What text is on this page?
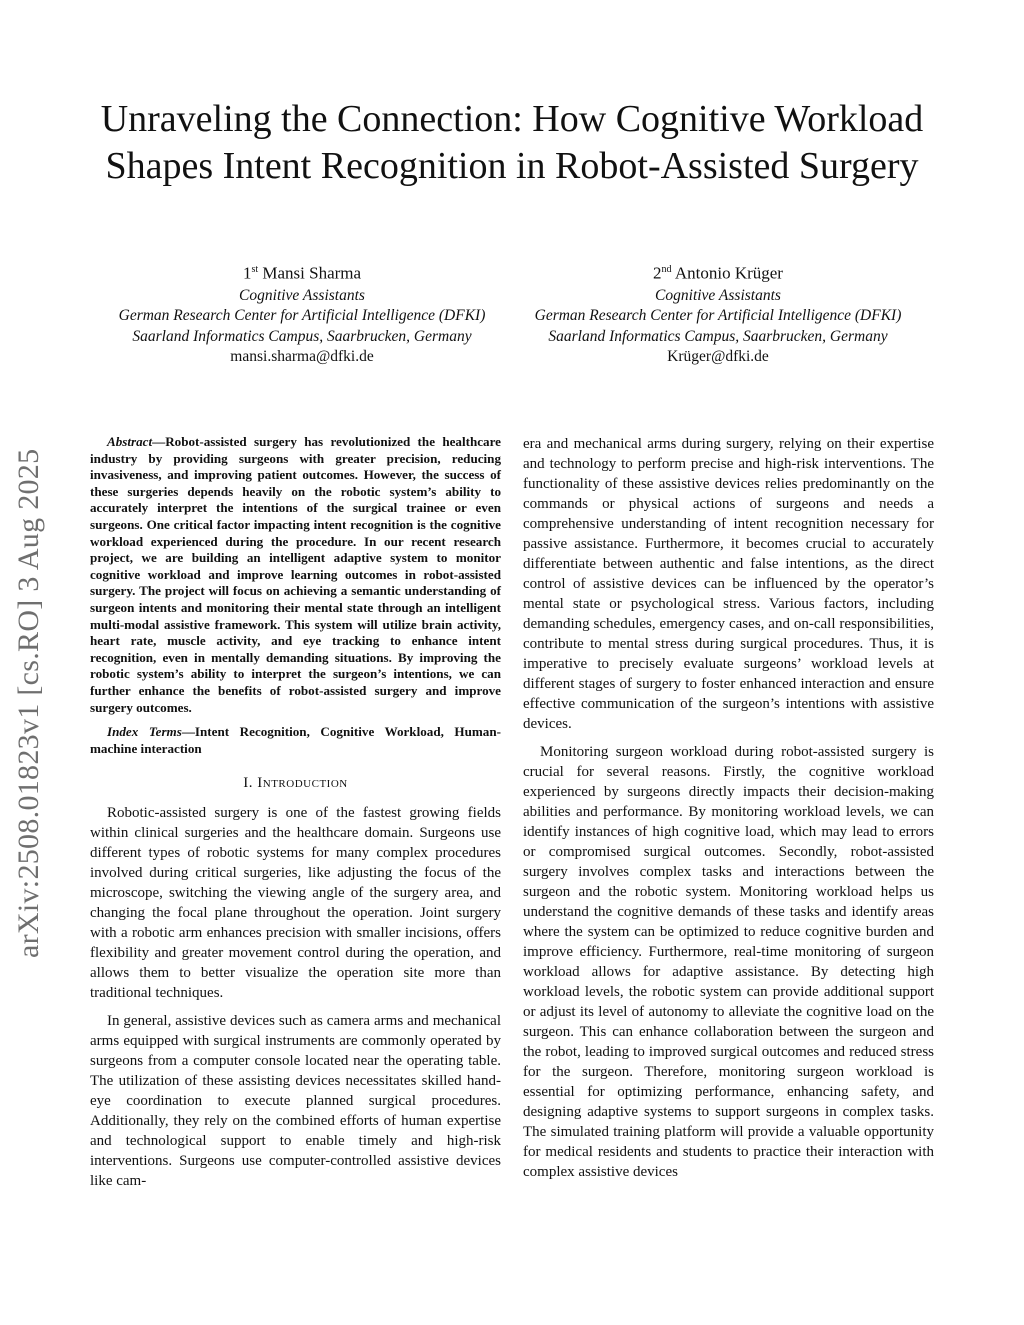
arXiv:2508.01823v1 [cs.RO] 3 Aug 2025
Unraveling the Connection: How Cognitive Workload Shapes Intent Recognition in Robot-Assisted Surgery
1st Mansi Sharma
Cognitive Assistants
German Research Center for Artificial Intelligence (DFKI)
Saarland Informatics Campus, Saarbrucken, Germany
mansi.sharma@dfki.de
2nd Antonio Krüger
Cognitive Assistants
German Research Center for Artificial Intelligence (DFKI)
Saarland Informatics Campus, Saarbrucken, Germany
Krüger@dfki.de

Abstract—Robot-assisted surgery has revolutionized the healthcare industry by providing surgeons with greater precision, reducing invasiveness, and improving patient outcomes. However, the success of these surgeries depends heavily on the robotic system’s ability to accurately interpret the intentions of the surgical trainee or even surgeons. One critical factor impacting intent recognition is the cognitive workload experienced during the procedure. In our recent research project, we are building an intelligent adaptive system to monitor cognitive workload and improve learning outcomes in robot-assisted surgery. The project will focus on achieving a semantic understanding of surgeon intents and monitoring their mental state through an intelligent multi-modal assistive framework. This system will utilize brain activity, heart rate, muscle activity, and eye tracking to enhance intent recognition, even in mentally demanding situations. By improving the robotic system’s ability to interpret the surgeon’s intentions, we can further enhance the benefits of robot-assisted surgery and improve surgery outcomes.

Index Terms—Intent Recognition, Cognitive Workload, Human-machine interaction

I. Introduction

Robotic-assisted surgery is one of the fastest growing fields within clinical surgeries and the healthcare domain. Surgeons use different types of robotic systems for many complex procedures involved during critical surgeries, like adjusting the focus of the microscope, switching the viewing angle of the surgery area, and changing the focal plane throughout the operation. Joint surgery with a robotic arm enhances precision with smaller incisions, offers flexibility and greater movement control during the operation, and allows them to better visualize the operation site more than traditional techniques.

In general, assistive devices such as camera arms and mechanical arms equipped with surgical instruments are commonly operated by surgeons from a computer console located near the operating table. The utilization of these assisting devices necessitates skilled hand-eye coordination to execute planned surgical procedures. Additionally, they rely on the combined efforts of human expertise and technological support to enable timely and high-risk interventions. Surgeons use computer-controlled assistive devices like cam-

era and mechanical arms during surgery, relying on their expertise and technology to perform precise and high-risk interventions. The functionality of these assistive devices relies predominantly on the commands or physical actions of surgeons and needs a comprehensive understanding of intent recognition necessary for passive assistance. Furthermore, it becomes crucial to accurately differentiate between authentic and false intentions, as the direct control of assistive devices can be influenced by the operator’s mental state or psychological stress. Various factors, including demanding schedules, emergency cases, and on-call responsibilities, contribute to mental stress during surgical procedures. Thus, it is imperative to precisely evaluate surgeons’ workload levels at different stages of surgery to foster enhanced interaction and ensure effective communication of the surgeon’s intentions with assistive devices.

Monitoring surgeon workload during robot-assisted surgery is crucial for several reasons. Firstly, the cognitive workload experienced by surgeons directly impacts their decision-making abilities and performance. By monitoring workload levels, we can identify instances of high cognitive load, which may lead to errors or compromised surgical outcomes. Secondly, robot-assisted surgery involves complex tasks and interactions between the surgeon and the robotic system. Monitoring workload helps us understand the cognitive demands of these tasks and identify areas where the system can be optimized to reduce cognitive burden and improve efficiency. Furthermore, real-time monitoring of surgeon workload allows for adaptive assistance. By detecting high workload levels, the robotic system can provide additional support or adjust its level of autonomy to alleviate the cognitive load on the surgeon. This can enhance collaboration between the surgeon and the robot, leading to improved surgical outcomes and reduced stress for the surgeon. Therefore, monitoring surgeon workload is essential for optimizing performance, enhancing safety, and designing adaptive systems to support surgeons in complex tasks. The simulated training platform will provide a valuable opportunity for medical residents and students to practice their interaction with complex assistive devices
